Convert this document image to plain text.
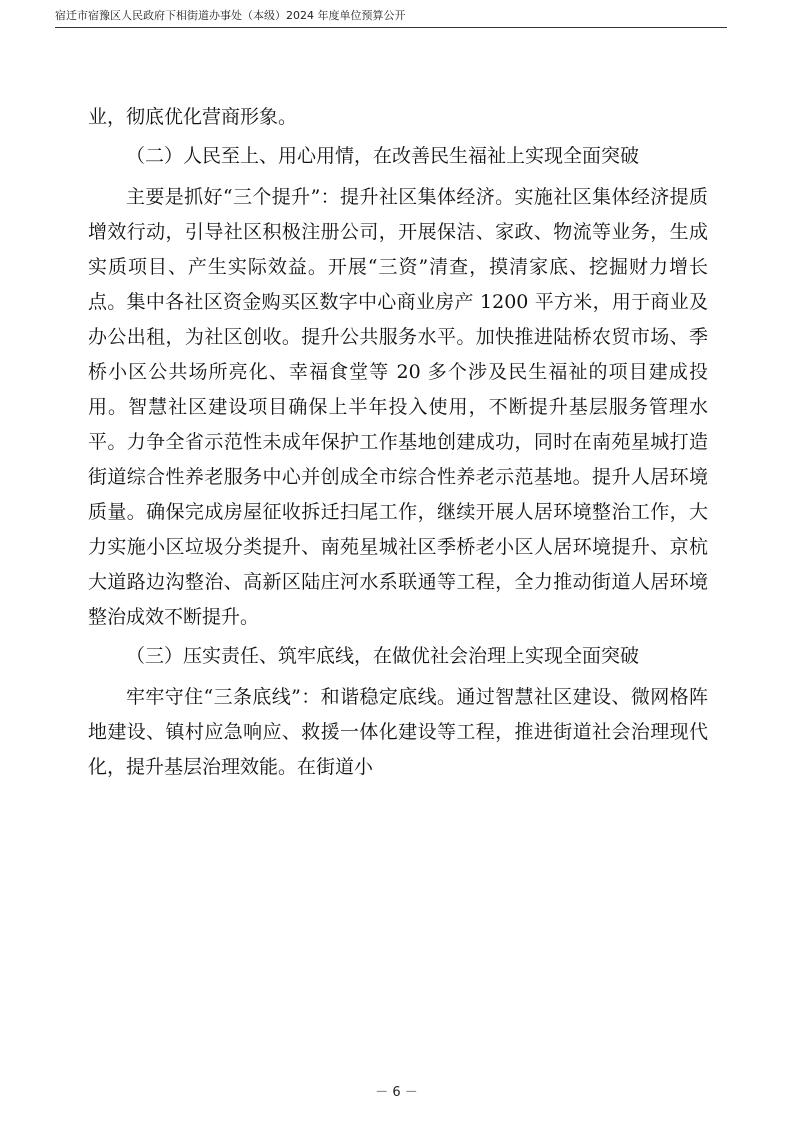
宿迁市宿豫区人民政府下相街道办事处（本级）2024 年度单位预算公开

业，彻底优化营商形象。

（二）人民至上、用心用情，在改善民生福祉上实现全面突破

主要是抓好“三个提升”：提升社区集体经济。实施社区集体经济提质增效行动，引导社区积极注册公司，开展保洁、家政、物流等业务，生成实质项目、产生实际效益。开展“三资”清查，摸清家底、挖掘财力增长点。集中各社区资金购买区数字中心商业房产 1200 平方米，用于商业及办公出租，为社区创收。提升公共服务水平。加快推进陆桥农贸市场、季桥小区公共场所亮化、幸福食堂等 20 多个涉及民生福祉的项目建成投用。智慧社区建设项目确保上半年投入使用，不断提升基层服务管理水平。力争全省示范性未成年保护工作基地创建成功，同时在南苑星城打造街道综合性养老服务中心并创成全市综合性养老示范基地。提升人居环境质量。确保完成房屋征收拆迁扫尾工作，继续开展人居环境整治工作，大力实施小区垃圾分类提升、南苑星城社区季桥老小区人居环境提升、京杭大道路边沟整治、高新区陆庄河水系联通等工程，全力推动街道人居环境整治成效不断提升。

（三）压实责任、筑牢底线，在做优社会治理上实现全面突破

牢牢守住“三条底线”：和谐稳定底线。通过智慧社区建设、微网格阵地建设、镇村应急响应、救援一体化建设等工程，推进街道社会治理现代化，提升基层治理效能。在街道小

－ 6 －
